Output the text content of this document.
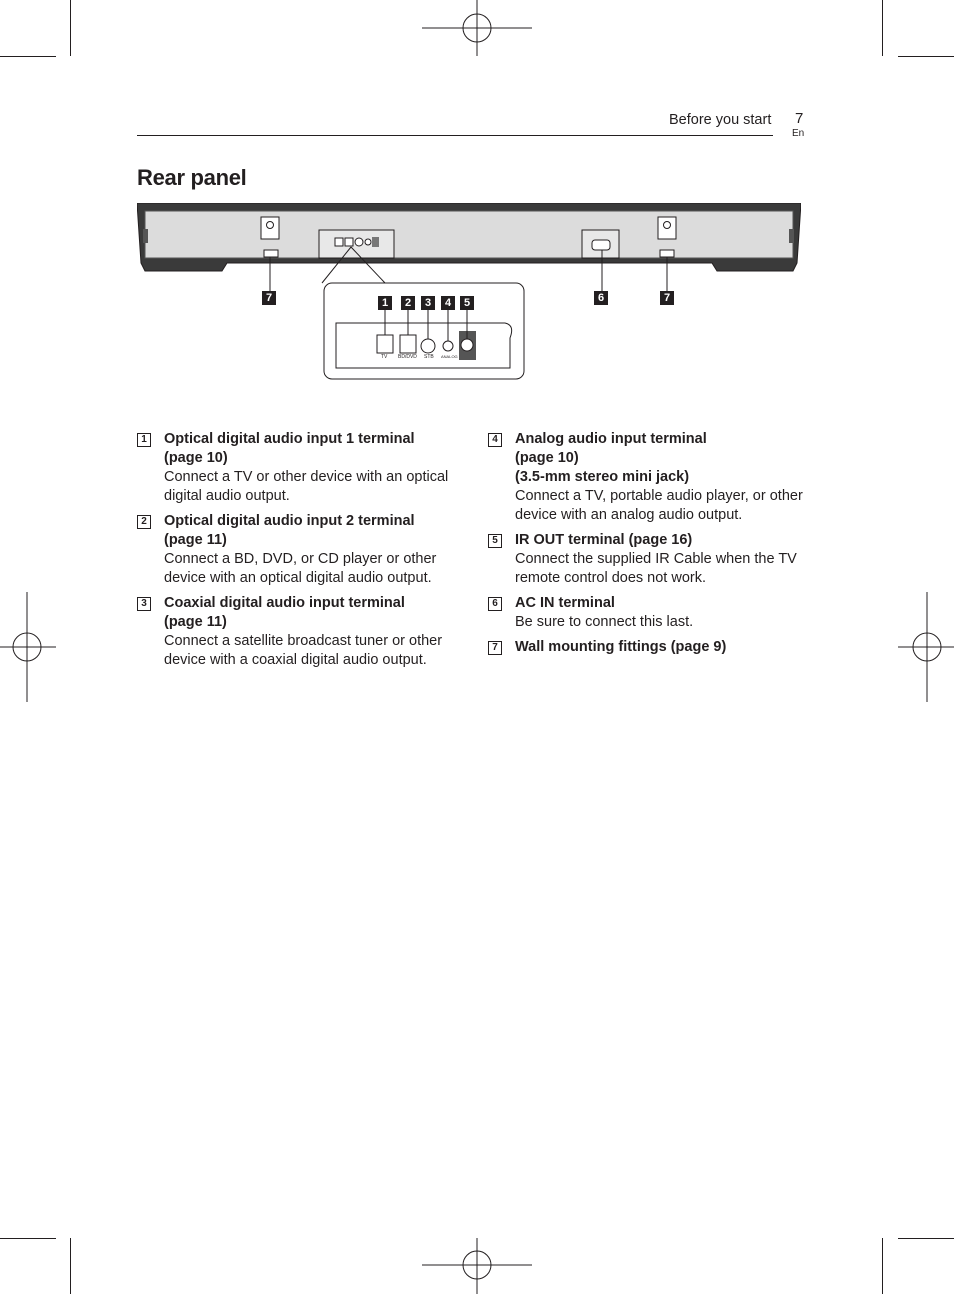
Before you start 7
En
Rear panel
TV BD/DVD STB ANALOG
1	2	3	4	5	6
7	7
1 Optical digital audio input 1 terminal
(page 10)
Connect a TV or other device with an optical digital audio output.
2 Optical digital audio input 2 terminal
(page 11)
Connect a BD, DVD, or CD player or other device with an optical digital audio output.
3 Coaxial digital audio input terminal
(page 11)
Connect a satellite broadcast tuner or other device with a coaxial digital audio output.
4 Analog audio input terminal
(page 10)
(3.5-mm stereo mini jack)
Connect a TV, portable audio player, or other device with an analog audio output.
5 IR OUT terminal (page 16)
Connect the supplied IR Cable when the TV remote control does not work.
6 AC IN terminal
Be sure to connect this last.
7 Wall mounting fittings (page 9)
